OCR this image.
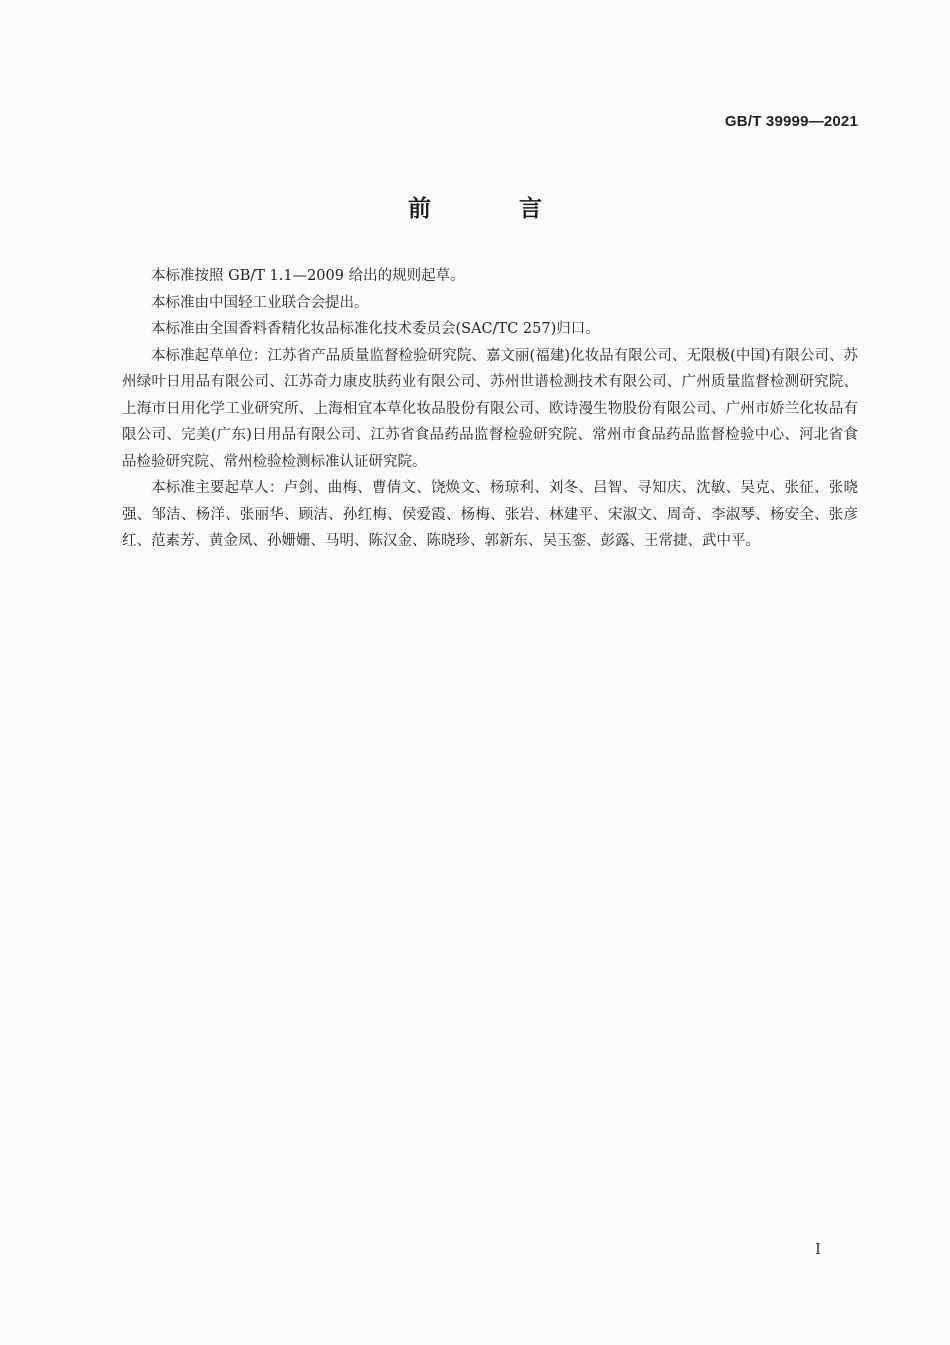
GB/T 39999—2021
前 言

本标准按照 GB/T 1.1—2009 给出的规则起草。

本标准由中国轻工业联合会提出。

本标准由全国香料香精化妆品标准化技术委员会(SAC/TC 257)归口。

本标准起草单位：江苏省产品质量监督检验研究院、嘉文丽(福建)化妆品有限公司、无限极(中国)有限公司、苏州绿叶日用品有限公司、江苏奇力康皮肤药业有限公司、苏州世谱检测技术有限公司、广州质量监督检测研究院、上海市日用化学工业研究所、上海相宜本草化妆品股份有限公司、欧诗漫生物股份有限公司、广州市娇兰化妆品有限公司、完美(广东)日用品有限公司、江苏省食品药品监督检验研究院、常州市食品药品监督检验中心、河北省食品检验研究院、常州检验检测标准认证研究院。

本标准主要起草人：卢剑、曲梅、曹倩文、饶焕文、杨琼利、刘冬、吕智、寻知庆、沈敏、吴克、张征、张晓强、邹洁、杨洋、张丽华、顾洁、孙红梅、侯爱霞、杨梅、张岩、林建平、宋淑文、周奇、李淑琴、杨安全、张彦红、范素芳、黄金凤、孙姗姗、马明、陈汉金、陈晓珍、郭新东、吴玉銮、彭露、王常捷、武中平。

I
